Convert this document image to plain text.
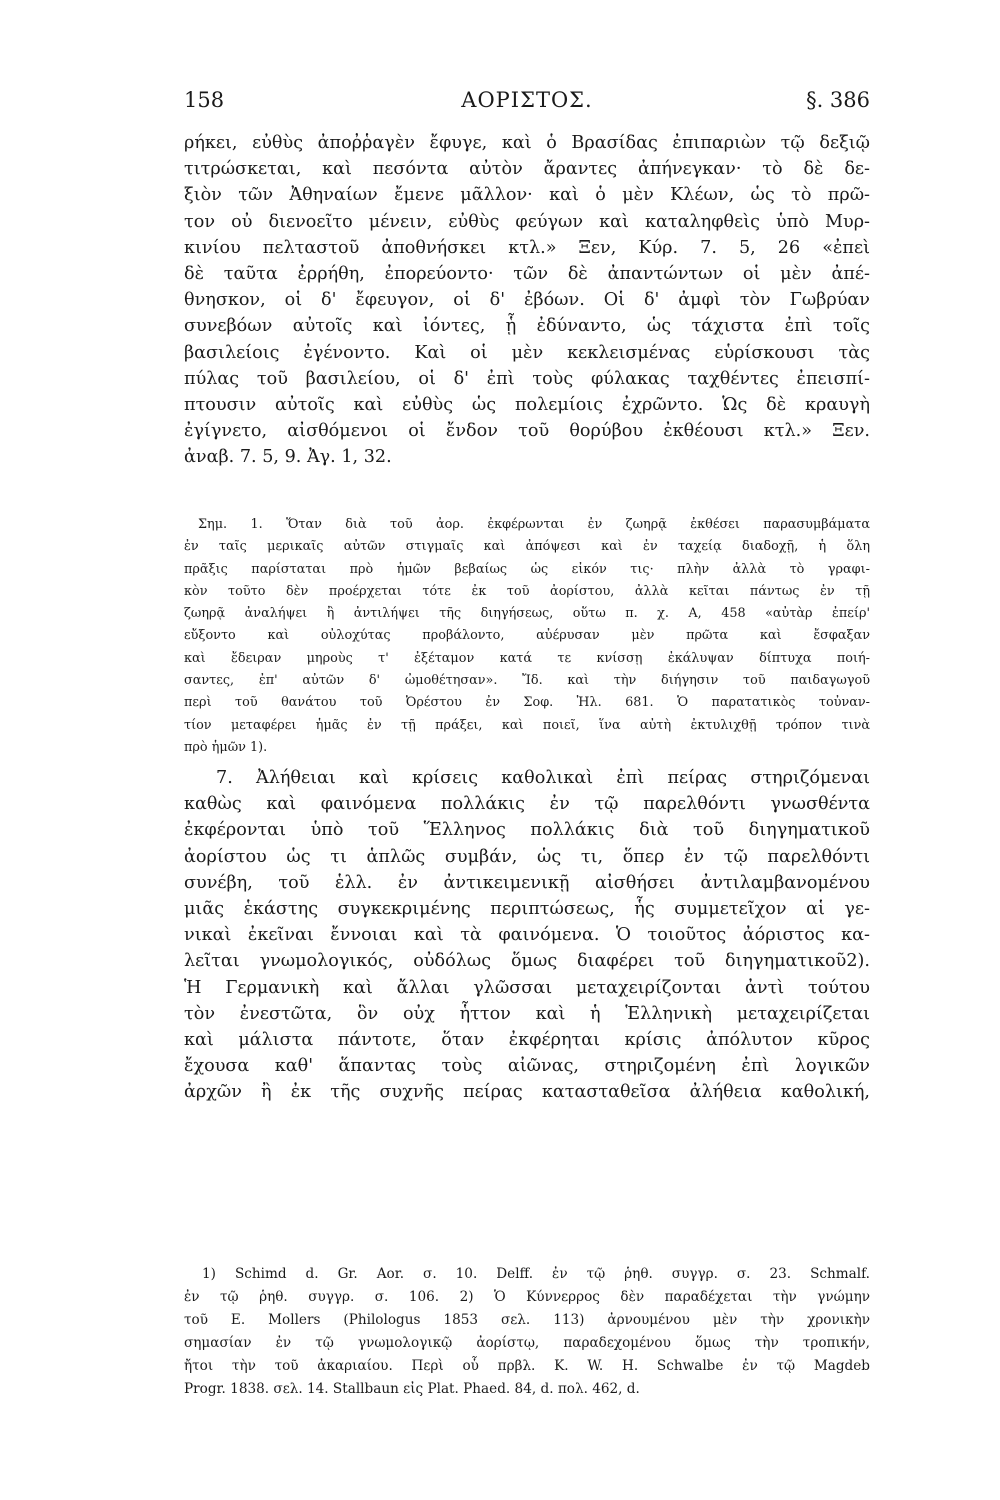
158	ΑΟΡΙΣΤΟΣ.	§. 386
ρήκει, εὐθὺς ἀποῤῥαγὲν ἔφυγε, καὶ ὁ Βρασίδας ἐπιπαριὼν τῷ δεξιῷ
τιτρώσκεται, καὶ πεσόντα αὐτὸν ἄραντες ἀπήνεγκαν· τὸ δὲ δε-
ξιὸν τῶν Ἀθηναίων ἔμενε μᾶλλον· καὶ ὁ μὲν Κλέων, ὡς τὸ πρῶ-
τον οὐ διενοεῖτο μένειν, εὐθὺς φεύγων καὶ καταληφθεὶς ὑπὸ Μυρ-
κινίου πελταστοῦ ἀποθνήσκει κτλ.» Ξεν, Κύρ. 7. 5, 26 «ἐπεὶ
δὲ ταῦτα ἐρρήθη, ἐπορεύοντο· τῶν δὲ ἀπαντώντων οἱ μὲν ἀπέ-
θνησκον, οἱ δ' ἔφευγον, οἱ δ' ἐβόων. Οἱ δ' ἀμφὶ τὸν Γωβρύαν
συνεβόων αὐτοῖς καὶ ἰόντες, ᾗ ἐδύναντο, ὡς τάχιστα ἐπὶ τοῖς
βασιλείοις ἐγένοντο. Καὶ οἱ μὲν κεκλεισμένας εὑρίσκουσι τὰς
πύλας τοῦ βασιλείου, οἱ δ' ἐπὶ τοὺς φύλακας ταχθέντες ἐπεισπί-
πτουσιν αὐτοῖς καὶ εὐθὺς ὡς πολεμίοις ἐχρῶντο. Ὡς δὲ κραυγὴ
ἐγίγνετο, αἰσθόμενοι οἱ ἔνδον τοῦ θορύβου ἐκθέουσι κτλ.» Ξεν.
ἀναβ. 7. 5, 9. Ἀγ. 1, 32.
Σημ. 1. Ὅταν διὰ τοῦ ἀορ. ἐκφέρωνται ἐν ζωηρᾷ ἐκθέσει παρασυμβάματα
ἐν ταῖς μερικαῖς αὐτῶν στιγμαῖς καὶ ἀπόψεσι καὶ ἐν ταχείᾳ διαδοχῇ, ἡ ὅλη
πρᾶξις παρίσταται πρὸ ἡμῶν βεβαίως ὡς εἰκόν τις· πλὴν ἀλλὰ τὸ γραφι-
κὸν τοῦτο δὲν προέρχεται τότε ἐκ τοῦ ἀορίστου, ἀλλὰ κεῖται πάντως ἐν τῇ
ζωηρᾷ ἀναλήψει ἢ ἀντιλήψει τῆς διηγήσεως, οὕτω π. χ. Α, 458 «αὐτὰρ ἐπείρ'
εὔξοντο καὶ οὐλοχύτας προβάλοντο, αὐέρυσαν μὲν πρῶτα καὶ ἔσφαξαν
καὶ ἔδειραν μηροὺς τ' ἐξέταμον κατά τε κνίσσῃ ἐκάλυψαν δίπτυχα ποιή-
σαντες, ἐπ' αὐτῶν δ' ὠμοθέτησαν». Ἴδ. καὶ τὴν διήγησιν τοῦ παιδαγωγοῦ
περὶ τοῦ θανάτου τοῦ Ὀρέστου ἐν Σοφ. Ἠλ. 681. Ὁ παρατατικὸς τοὐναν-
τίον μεταφέρει ἡμᾶς ἐν τῇ πράξει, καὶ ποιεῖ, ἵνα αὐτὴ ἐκτυλιχθῇ τρόπον τινὰ
πρὸ ἡμῶν 1).
7. Ἀλήθειαι καὶ κρίσεις καθολικαὶ ἐπὶ πείρας στηριζόμεναι
καθὼς καὶ φαινόμενα πολλάκις ἐν τῷ παρελθόντι γνωσθέντα
ἐκφέρονται ὑπὸ τοῦ Ἕλληνος πολλάκις διὰ τοῦ διηγηματικοῦ
ἀορίστου ὡς τι ἁπλῶς συμβάν, ὡς τι, ὅπερ ἐν τῷ παρελθόντι
συνέβη, τοῦ ἑλλ. ἐν ἀντικειμενικῇ αἰσθήσει ἀντιλαμβανομένου
μιᾶς ἑκάστης συγκεκριμένης περιπτώσεως, ἧς συμμετεῖχον αἱ γε-
νικαὶ ἐκεῖναι ἔννοιαι καὶ τὰ φαινόμενα. Ὁ τοιοῦτος ἀόριστος κα-
λεῖται γνωμολογικός, οὐδόλως ὅμως διαφέρει τοῦ διηγηματικοῦ2).
Ἡ Γερμανικὴ καὶ ἄλλαι γλῶσσαι μεταχειρίζονται ἀντὶ τούτου
τὸν ἐνεστῶτα, ὃν οὐχ ἧττον καὶ ἡ Ἑλληνικὴ μεταχειρίζεται
καὶ μάλιστα πάντοτε, ὅταν ἐκφέρηται κρίσις ἀπόλυτον κῦρος
ἔχουσα καθ' ἅπαντας τοὺς αἰῶνας, στηριζομένη ἐπὶ λογικῶν
ἀρχῶν ἢ ἐκ τῆς συχνῆς πείρας κατασταθεῖσα ἀλήθεια καθολική,
1) Schimd d. Gr. Aor. σ. 10. Delff. ἐν τῷ ῥηθ. συγγρ. σ. 23. Schmalf.
ἐν τῷ ῥηθ. συγγρ. σ. 106. 2) Ὁ Κύννερρος δὲν παραδέχεται τὴν γνώμην
τοῦ E. Mollers (Philologus 1853 σελ. 113) ἀρνουμένου μὲν τὴν χρονικὴν
σημασίαν ἐν τῷ γνωμολογικῷ ἀορίστῳ, παραδεχομένου ὅμως τὴν τροπικήν,
ἤτοι τὴν τοῦ ἀκαριαίου. Περὶ οὗ πρβλ. K. W. H. Schwalbe ἐν τῷ Magdeb
Progr. 1838. σελ. 14. Stallbaun εἰς Plat. Phaed. 84, d. πολ. 462, d.
